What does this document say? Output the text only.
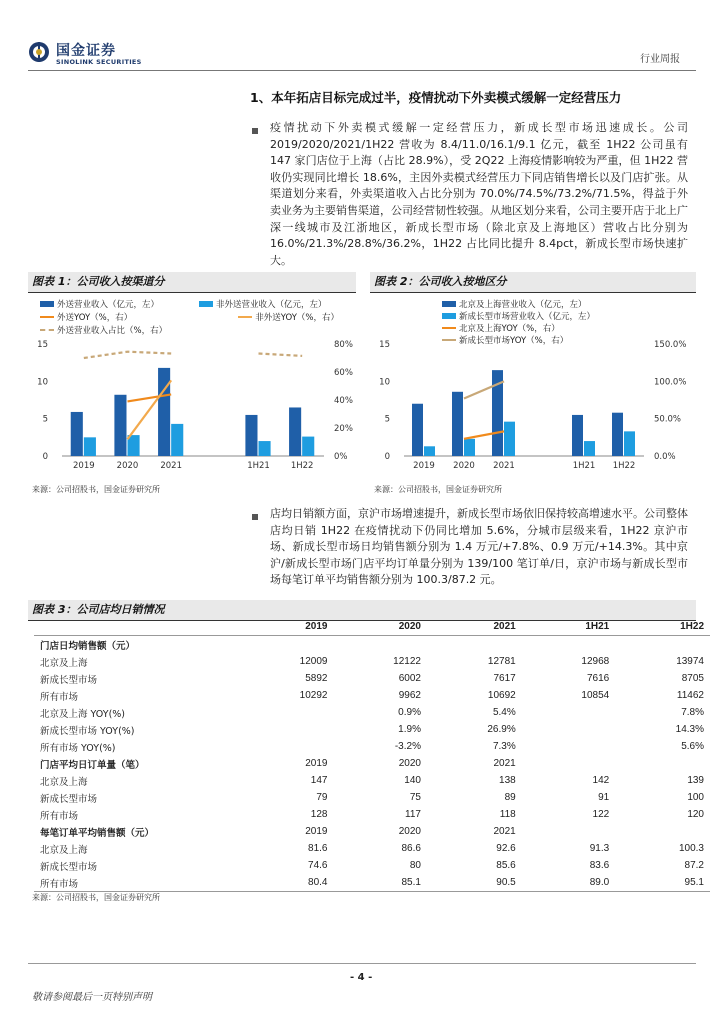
国金证券
SINOLINK SECURITIES	行业周报
1、本年拓店目标完成过半，疫情扰动下外卖模式缓解一定经营压力
疫情扰动下外卖模式缓解一定经营压力，新成长型市场迅速成长。公司2019/2020/2021/1H22 营收为 8.4/11.0/16.1/9.1 亿元，截至 1H22 公司虽有 147 家门店位于上海（占比 28.9%），受 2Q22 上海疫情影响较为严重，但 1H22 营收仍实现同比增长 18.6%，主因外卖模式经营压力下同店销售增长以及门店扩张。从渠道划分来看，外卖渠道收入占比分别为 70.0%/74.5%/73.2%/71.5%，得益于外卖业务为主要销售渠道，公司经营韧性较强。从地区划分来看，公司主要开店于北上广深一线城市及江浙地区，新成长型市场（除北京及上海地区）营收占比分别为 16.0%/21.3%/28.8%/36.2%，1H22 占比同比提升 8.4pct，新成长型市场快速扩大。
图表 1：公司收入按渠道分
外送营业收入（亿元，左）	非外送营业收入（亿元，左）
外送YOY（%，右）	非外送YOY（%，右）
外送营业收入占比（%，右）
0
5
10
15
0%
20%
40%
60%
80%
2019	2020	2021	1H21 1H22
来源：公司招股书，国金证券研究所
图表 2：公司收入按地区分
北京及上海营业收入（亿元，左）
新成长型市场营业收入（亿元，左）
北京及上海YOY（%，右）
新成长型市场YOY（%，右）
0
5
10
15
0.0%
50.0%
100.0%
150.0%
2019 2020 2021	1H21 1H22
来源：公司招股书，国金证券研究所
店均日销额方面，京沪市场增速提升，新成长型市场依旧保持较高增速水平。公司整体店均日销 1H22 在疫情扰动下仍同比增加 5.6%，分城市层级来看，1H22 京沪市场、新成长型市场日均销售额分别为 1.4 万元/+7.8%、0.9 万元/+14.3%。其中京沪/新成长型市场门店平均订单量分别为 139/100 笔订单/日，京沪市场与新成长型市场每笔订单平均销售额分别为 100.3/87.2 元。
图表 3：公司店均日销情况
	2019	2020	2021	1H21	1H22
门店日均销售额（元）					
北京及上海	12009	12122	12781	12968	13974
新成长型市场	5892	6002	7617	7616	8705
所有市场	10292	9962	10692	10854	11462
北京及上海 YOY(%)		0.9%	5.4%		7.8%
新成长型市场 YOY(%)		1.9%	26.9%		14.3%
所有市场 YOY(%)		-3.2%	7.3%		5.6%
门店平均日订单量（笔）	2019	2020	2021		
北京及上海	147	140	138	142	139
新成长型市场	79	75	89	91	100
所有市场	128	117	118	122	120
每笔订单平均销售额（元）	2019	2020	2021		
北京及上海	81.6	86.6	92.6	91.3	100.3
新成长型市场	74.6	80	85.6	83.6	87.2
所有市场	80.4	85.1	90.5	89.0	95.1
来源：公司招股书，国金证券研究所
- 4 -
敬请参阅最后一页特别声明
